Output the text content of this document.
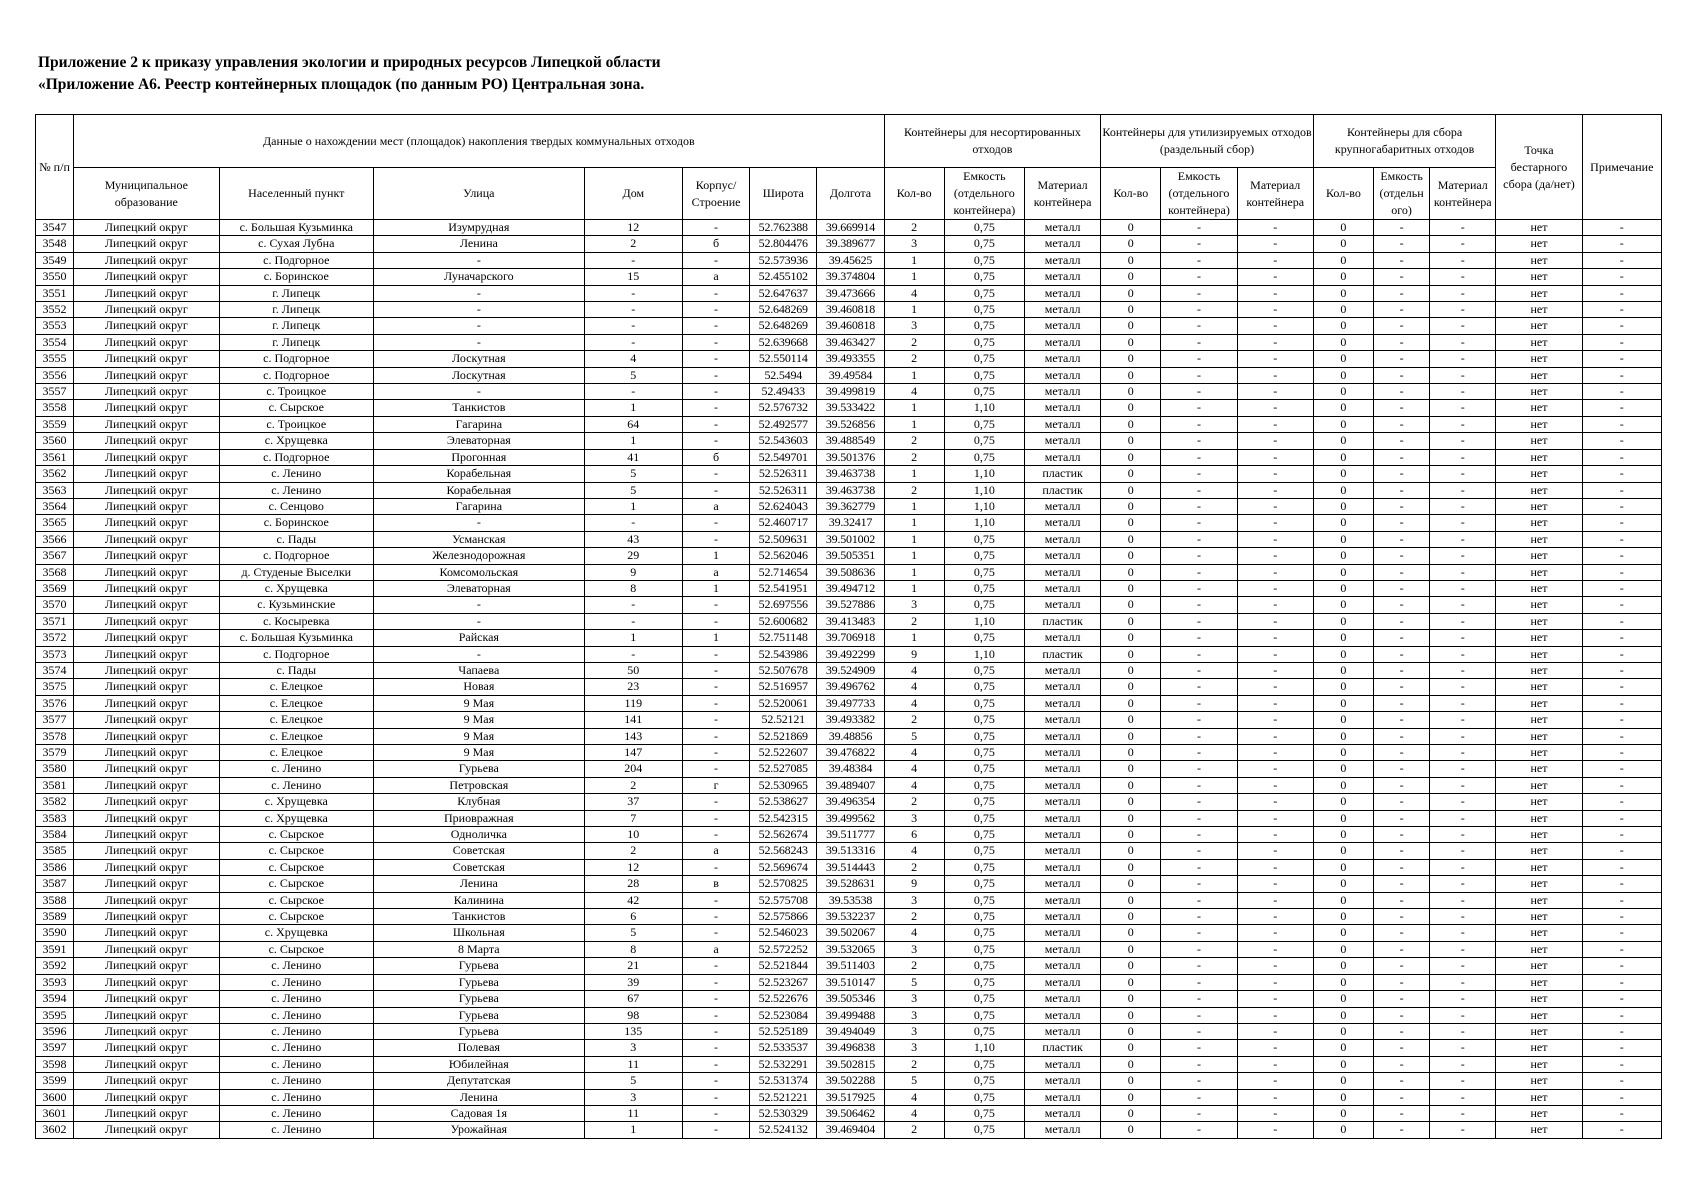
Приложение 2 к приказу управления экологии и природных ресурсов Липецкой области
«Приложение А6. Реестр контейнерных площадок (по данным РО) Центральная зона.
№ п/п	Данные о нахождении мест (площадок) накопления твердых коммунальных отходов							Контейнеры для несортированных отходов			Контейнеры для утилизируемых отходов (раздельный сбор)			Контейнеры для сбора крупногабаритных отходов			Точка бестарного сбора (да/нет)	Примечание
	Муниципальное образование	Населенный пункт	Улица	Дом	Корпус/ Строение	Широта	Долгота	Кол-во	Емкость (отдельного контейнера)	Материал контейнера	Кол-во	Емкость (отдельного контейнера)	Материал контейнера	Кол-во	Емкость (отдельн ого)	Материал контейнера		
3547	Липецкий округ	с. Большая Кузьминка	Изумрудная	12	-	52.762388	39.669914	2	0,75	металл	0	-	-	0	-	-	нет	-
3548	Липецкий округ	с. Сухая Лубна	Ленина	2	б	52.804476	39.389677	3	0,75	металл	0	-	-	0	-	-	нет	-
3549	Липецкий округ	с. Подгорное	-	-	-	52.573936	39.45625	1	0,75	металл	0	-	-	0	-	-	нет	-
3550	Липецкий округ	с. Боринское	Луначарского	15	а	52.455102	39.374804	1	0,75	металл	0	-	-	0	-	-	нет	-
3551	Липецкий округ	г. Липецк	-	-	-	52.647637	39.473666	4	0,75	металл	0	-	-	0	-	-	нет	-
3552	Липецкий округ	г. Липецк	-	-	-	52.648269	39.460818	1	0,75	металл	0	-	-	0	-	-	нет	-
3553	Липецкий округ	г. Липецк	-	-	-	52.648269	39.460818	3	0,75	металл	0	-	-	0	-	-	нет	-
3554	Липецкий округ	г. Липецк	-	-	-	52.639668	39.463427	2	0,75	металл	0	-	-	0	-	-	нет	-
3555	Липецкий округ	с. Подгорное	Лоскутная	4	-	52.550114	39.493355	2	0,75	металл	0	-	-	0	-	-	нет	-
3556	Липецкий округ	с. Подгорное	Лоскутная	5	-	52.5494	39.49584	1	0,75	металл	0	-	-	0	-	-	нет	-
3557	Липецкий округ	с. Троицкое	-	-	-	52.49433	39.499819	4	0,75	металл	0	-	-	0	-	-	нет	-
3558	Липецкий округ	с. Сырское	Танкистов	1	-	52.576732	39.533422	1	1,10	металл	0	-	-	0	-	-	нет	-
3559	Липецкий округ	с. Троицкое	Гагарина	64	-	52.492577	39.526856	1	0,75	металл	0	-	-	0	-	-	нет	-
3560	Липецкий округ	с. Хрущевка	Элеваторная	1	-	52.543603	39.488549	2	0,75	металл	0	-	-	0	-	-	нет	-
3561	Липецкий округ	с. Подгорное	Прогонная	41	б	52.549701	39.501376	2	0,75	металл	0	-	-	0	-	-	нет	-
3562	Липецкий округ	с. Ленино	Корабельная	5	-	52.526311	39.463738	1	1,10	пластик	0	-	-	0	-	-	нет	-
3563	Липецкий округ	с. Ленино	Корабельная	5	-	52.526311	39.463738	2	1,10	пластик	0	-	-	0	-	-	нет	-
3564	Липецкий округ	с. Сенцово	Гагарина	1	а	52.624043	39.362779	1	1,10	металл	0	-	-	0	-	-	нет	-
3565	Липецкий округ	с. Боринское	-	-	-	52.460717	39.32417	1	1,10	металл	0	-	-	0	-	-	нет	-
3566	Липецкий округ	с. Пады	Усманская	43	-	52.509631	39.501002	1	0,75	металл	0	-	-	0	-	-	нет	-
3567	Липецкий округ	с. Подгорное	Железнодорожная	29	1	52.562046	39.505351	1	0,75	металл	0	-	-	0	-	-	нет	-
3568	Липецкий округ	д. Студеные Выселки	Комсомольская	9	а	52.714654	39.508636	1	0,75	металл	0	-	-	0	-	-	нет	-
3569	Липецкий округ	с. Хрущевка	Элеваторная	8	1	52.541951	39.494712	1	0,75	металл	0	-	-	0	-	-	нет	-
3570	Липецкий округ	с. Кузьминские	-	-	-	52.697556	39.527886	3	0,75	металл	0	-	-	0	-	-	нет	-
3571	Липецкий округ	с. Косыревка	-	-	-	52.600682	39.413483	2	1,10	пластик	0	-	-	0	-	-	нет	-
3572	Липецкий округ	с. Большая Кузьминка	Райская	1	1	52.751148	39.706918	1	0,75	металл	0	-	-	0	-	-	нет	-
3573	Липецкий округ	с. Подгорное	-	-	-	52.543986	39.492299	9	1,10	пластик	0	-	-	0	-	-	нет	-
3574	Липецкий округ	с. Пады	Чапаева	50	-	52.507678	39.524909	4	0,75	металл	0	-	-	0	-	-	нет	-
3575	Липецкий округ	с. Елецкое	Новая	23	-	52.516957	39.496762	4	0,75	металл	0	-	-	0	-	-	нет	-
3576	Липецкий округ	с. Елецкое	9 Мая	119	-	52.520061	39.497733	4	0,75	металл	0	-	-	0	-	-	нет	-
3577	Липецкий округ	с. Елецкое	9 Мая	141	-	52.52121	39.493382	2	0,75	металл	0	-	-	0	-	-	нет	-
3578	Липецкий округ	с. Елецкое	9 Мая	143	-	52.521869	39.48856	5	0,75	металл	0	-	-	0	-	-	нет	-
3579	Липецкий округ	с. Елецкое	9 Мая	147	-	52.522607	39.476822	4	0,75	металл	0	-	-	0	-	-	нет	-
3580	Липецкий округ	с. Ленино	Гурьева	204	-	52.527085	39.48384	4	0,75	металл	0	-	-	0	-	-	нет	-
3581	Липецкий округ	с. Ленино	Петровская	2	г	52.530965	39.489407	4	0,75	металл	0	-	-	0	-	-	нет	-
3582	Липецкий округ	с. Хрущевка	Клубная	37	-	52.538627	39.496354	2	0,75	металл	0	-	-	0	-	-	нет	-
3583	Липецкий округ	с. Хрущевка	Приовражная	7	-	52.542315	39.499562	3	0,75	металл	0	-	-	0	-	-	нет	-
3584	Липецкий округ	с. Сырское	Одноличка	10	-	52.562674	39.511777	6	0,75	металл	0	-	-	0	-	-	нет	-
3585	Липецкий округ	с. Сырское	Советская	2	а	52.568243	39.513316	4	0,75	металл	0	-	-	0	-	-	нет	-
3586	Липецкий округ	с. Сырское	Советская	12	-	52.569674	39.514443	2	0,75	металл	0	-	-	0	-	-	нет	-
3587	Липецкий округ	с. Сырское	Ленина	28	в	52.570825	39.528631	9	0,75	металл	0	-	-	0	-	-	нет	-
3588	Липецкий округ	с. Сырское	Калинина	42	-	52.575708	39.53538	3	0,75	металл	0	-	-	0	-	-	нет	-
3589	Липецкий округ	с. Сырское	Танкистов	6	-	52.575866	39.532237	2	0,75	металл	0	-	-	0	-	-	нет	-
3590	Липецкий округ	с. Хрущевка	Школьная	5	-	52.546023	39.502067	4	0,75	металл	0	-	-	0	-	-	нет	-
3591	Липецкий округ	с. Сырское	8 Марта	8	а	52.572252	39.532065	3	0,75	металл	0	-	-	0	-	-	нет	-
3592	Липецкий округ	с. Ленино	Гурьева	21	-	52.521844	39.511403	2	0,75	металл	0	-	-	0	-	-	нет	-
3593	Липецкий округ	с. Ленино	Гурьева	39	-	52.523267	39.510147	5	0,75	металл	0	-	-	0	-	-	нет	-
3594	Липецкий округ	с. Ленино	Гурьева	67	-	52.522676	39.505346	3	0,75	металл	0	-	-	0	-	-	нет	-
3595	Липецкий округ	с. Ленино	Гурьева	98	-	52.523084	39.499488	3	0,75	металл	0	-	-	0	-	-	нет	-
3596	Липецкий округ	с. Ленино	Гурьева	135	-	52.525189	39.494049	3	0,75	металл	0	-	-	0	-	-	нет	-
3597	Липецкий округ	с. Ленино	Полевая	3	-	52.533537	39.496838	3	1,10	пластик	0	-	-	0	-	-	нет	-
3598	Липецкий округ	с. Ленино	Юбилейная	11	-	52.532291	39.502815	2	0,75	металл	0	-	-	0	-	-	нет	-
3599	Липецкий округ	с. Ленино	Депутатская	5	-	52.531374	39.502288	5	0,75	металл	0	-	-	0	-	-	нет	-
3600	Липецкий округ	с. Ленино	Ленина	3	-	52.521221	39.517925	4	0,75	металл	0	-	-	0	-	-	нет	-
3601	Липецкий округ	с. Ленино	Садовая 1я	11	-	52.530329	39.506462	4	0,75	металл	0	-	-	0	-	-	нет	-
3602	Липецкий округ	с. Ленино	Урожайная	1	-	52.524132	39.469404	2	0,75	металл	0	-	-	0	-	-	нет	-
